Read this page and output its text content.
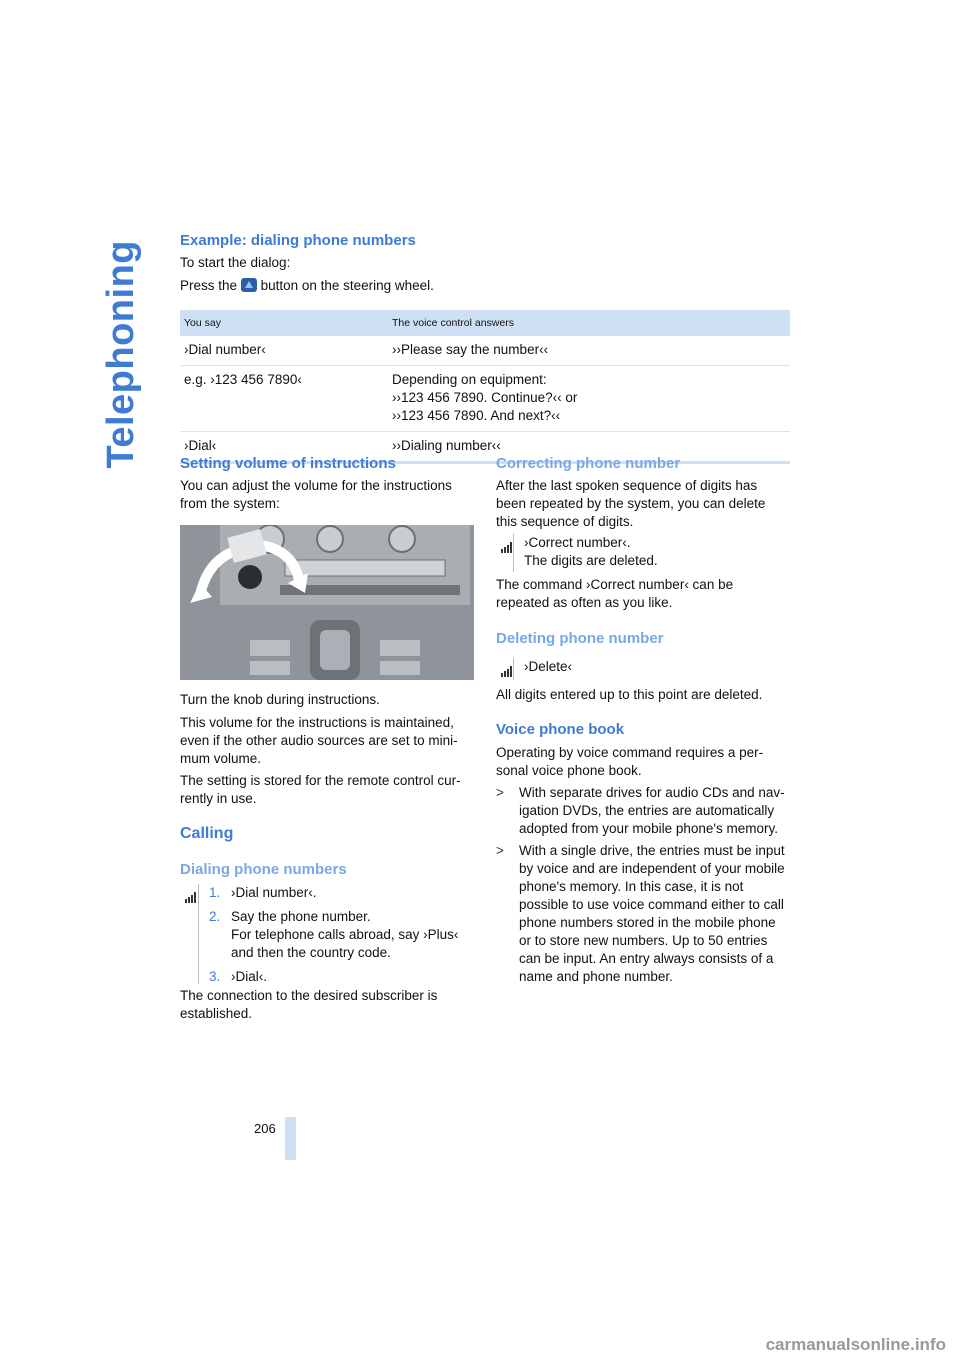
Telephoning	Example: dialing phone numbers

To start the dialog:

Press the button on the steering wheel.

You say	The voice control answers
›Dial number‹	››Please say the number‹‹

e.g. ›123 456 7890‹	Depending on equipment:
››123 456 7890. Continue?‹‹ or
››123 456 7890. And next?‹‹

›Dial‹	››Dialing number‹‹
Setting volume of instructions

You can adjust the volume for the instructions from the system:

Turn the knob during instructions.

This volume for the instructions is maintained, even if the other audio sources are set to mini-mum volume.

The setting is stored for the remote control cur-rently in use.

Calling
Dialing phone numbers
1. ›Dial number‹.
2. Say the phone number.
For telephone calls abroad, say ›Plus‹
and then the country code.
3. ›Dial‹.

The connection to the desired subscriber is established.

Correcting phone number

After the last spoken sequence of digits has been repeated by the system, you can delete this sequence of digits.

›Correct number‹.
The digits are deleted.

The command ›Correct number‹ can be repeated as often as you like.

Deleting phone number
›Delete‹

All digits entered up to this point are deleted.

Voice phone book

Operating by voice command requires a per-sonal voice phone book.

> With separate drives for audio CDs and nav-igation DVDs, the entries are automatically adopted from your mobile phone's memory.
> With a single drive, the entries must be input by voice and are independent of your mobile phone's memory. In this case, it is not possible to use voice command either to call phone numbers stored in the mobile phone or to store new numbers. Up to 50 entries can be input. An entry always consists of a name and phone number.
206
carmanualsonline.info
